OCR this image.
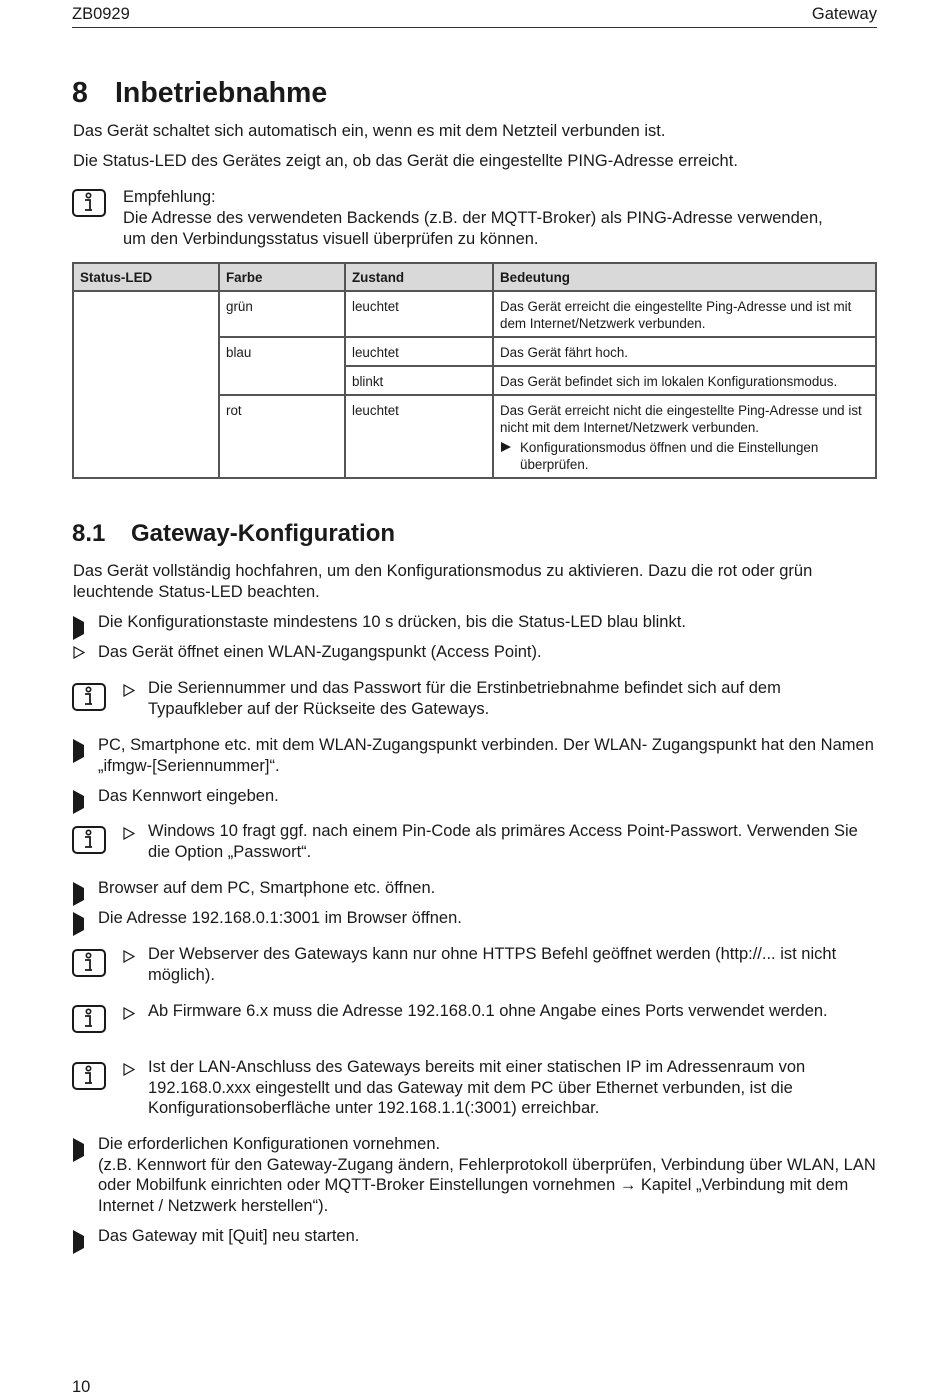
ZB0929	Gateway
8 Inbetriebnahme
Das Gerät schaltet sich automatisch ein, wenn es mit dem Netzteil verbunden ist.
Die Status-LED des Gerätes zeigt an, ob das Gerät die eingestellte PING-Adresse erreicht.
Empfehlung:
Die Adresse des verwendeten Backends (z.B. der MQTT-Broker) als PING-Adresse verwenden,
um den Verbindungsstatus visuell überprüfen zu können.
Status-LED	Farbe	Zustand	Bedeutung
	grün	leuchtet	Das Gerät erreicht die eingestellte Ping-Adresse und ist mit dem Internet/Netzwerk verbunden.
	blau	leuchtet	Das Gerät fährt hoch.
		blinkt	Das Gerät befindet sich im lokalen Konfigurationsmodus.
	rot	leuchtet	Das Gerät erreicht nicht die eingestellte Ping-Adresse und ist nicht mit dem Internet/Netzwerk verbunden.
Konfigurationsmodus öffnen und die Einstellungen überprüfen.
8.1 Gateway-Konfiguration
Das Gerät vollständig hochfahren, um den Konfigurationsmodus zu aktivieren. Dazu die rot oder grün leuchtende Status-LED beachten.
Die Konfigurationstaste mindestens 10 s drücken, bis die Status-LED blau blinkt.
Das Gerät öffnet einen WLAN-Zugangspunkt (Access Point).
Die Seriennummer und das Passwort für die Erstinbetriebnahme befindet sich auf dem Typaufkleber auf der Rückseite des Gateways.
PC, Smartphone etc. mit dem WLAN-Zugangspunkt verbinden. Der WLAN- Zugangspunkt hat den Namen „ifmgw-[Seriennummer]“.
Das Kennwort eingeben.
Windows 10 fragt ggf. nach einem Pin-Code als primäres Access Point-Passwort. Verwenden Sie die Option „Passwort“.
Browser auf dem PC, Smartphone etc. öffnen.
Die Adresse 192.168.0.1:3001 im Browser öffnen.
Der Webserver des Gateways kann nur ohne HTTPS Befehl geöffnet werden (http://... ist nicht möglich).
Ab Firmware 6.x muss die Adresse 192.168.0.1 ohne Angabe eines Ports verwendet werden.
Ist der LAN-Anschluss des Gateways bereits mit einer statischen IP im Adressenraum von 192.168.0.xxx eingestellt und das Gateway mit dem PC über Ethernet verbunden, ist die Konfigurationsoberfläche unter 192.168.1.1(:3001) erreichbar.
Die erforderlichen Konfigurationen vornehmen.
(z.B. Kennwort für den Gateway-Zugang ändern, Fehlerprotokoll überprüfen, Verbindung über WLAN, LAN oder Mobilfunk einrichten oder MQTT-Broker Einstellungen vornehmen → Kapitel „Verbindung mit dem Internet / Netzwerk herstellen“).
Das Gateway mit [Quit] neu starten.
10
